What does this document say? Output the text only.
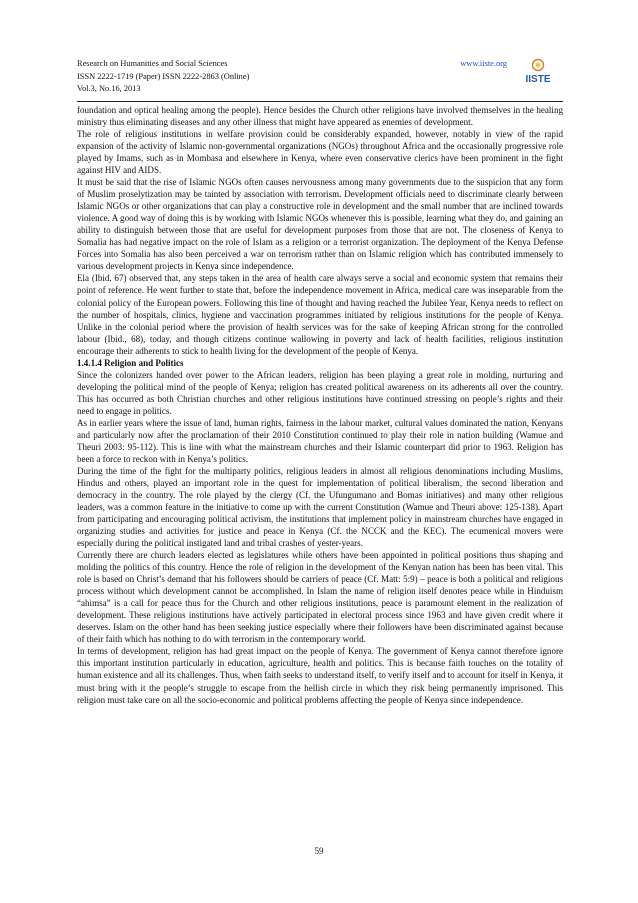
Research on Humanities and Social Sciences
ISSN 2222-1719 (Paper) ISSN 2222-2863 (Online)
Vol.3, No.16, 2013
www.iiste.org
IISTE

foundation and optical healing among the people). Hence besides the Church other religions have involved themselves in the healing ministry thus eliminating diseases and any other illness that might have appeared as enemies of development.

The role of religious institutions in welfare provision could be considerably expanded, however, notably in view of the rapid expansion of the activity of Islamic non-governmental organizations (NGOs) throughout Africa and the occasionally progressive role played by Imams, such as in Mombasa and elsewhere in Kenya, where even conservative clerics have been prominent in the fight against HIV and AIDS.

It must be said that the rise of Islamic NGOs often causes nervousness among many governments due to the suspicion that any form of Muslim proselytization may be tainted by association with terrorism. Development officials need to discriminate clearly between Islamic NGOs or other organizations that can play a constructive role in development and the small number that are inclined towards violence. A good way of doing this is by working with Islamic NGOs whenever this is possible, learning what they do, and gaining an ability to distinguish between those that are useful for development purposes from those that are not. The closeness of Kenya to Somalia has had negative impact on the role of Islam as a religion or a terrorist organization. The deployment of the Kenya Defense Forces into Somalia has also been perceived a war on terrorism rather than on Islamic religion which has contributed immensely to various development projects in Kenya since independence.

Ela (Ibid. 67) observed that, any steps taken in the area of health care always serve a social and economic system that remains their point of reference. He went further to state that, before the independence movement in Africa, medical care was inseparable from the colonial policy of the European powers. Following this line of thought and having reached the Jubilee Year, Kenya needs to reflect on the number of hospitals, clinics, hygiene and vaccination programmes initiated by religious institutions for the people of Kenya. Unlike in the colonial period where the provision of health services was for the sake of keeping African strong for the controlled labour (Ibid., 68), today, and though citizens continue wallowing in poverty and lack of health facilities, religious institution encourage their adherents to stick to health living for the development of the people of Kenya.

1.4.1.4 Religion and Politics

Since the colonizers handed over power to the African leaders, religion has been playing a great role in molding, nurturing and developing the political mind of the people of Kenya; religion has created political awareness on its adherents all over the country. This has occurred as both Christian churches and other religious institutions have continued stressing on people’s rights and their need to engage in politics.

As in earlier years where the issue of land, human rights, fairness in the labour market, cultural values dominated the nation, Kenyans and particularly now after the proclamation of their 2010 Constitution continued to play their role in nation building (Wamue and Theuri 2003: 95-112). This is line with what the mainstream churches and their Islamic counterpart did prior to 1963. Religion has been a force to reckon with in Kenya’s politics.

During the time of the fight for the multiparty politics, religious leaders in almost all religious denominations including Muslims, Hindus and others, played an important role in the quest for implementation of political liberalism, the second liberation and democracy in the country. The role played by the clergy (Cf. the Ufungumano and Bomas initiatives) and many other religious leaders, was a common feature in the initiative to come up with the current Constitution (Wamue and Theuri above: 125-138). Apart from participating and encouraging political activism, the institutions that implement policy in mainstream churches have engaged in organizing studies and activities for justice and peace in Kenya (Cf. the NCCK and the KEC). The ecumenical movers were especially during the political instigated land and tribal crashes of yester-years.

Currently there are church leaders elected as legislatures while others have been appointed in political positions thus shaping and molding the politics of this country. Hence the role of religion in the development of the Kenyan nation has been has been vital. This role is based on Christ’s demand that his followers should be carriers of peace (Cf. Matt: 5:9) – peace is both a political and religious process without which development cannot be accomplished. In Islam the name of religion itself denotes peace while in Hinduism “ahimsa” is a call for peace thus for the Church and other religious institutions, peace is paramount element in the realization of development. These religious institutions have actively participated in electoral process since 1963 and have given credit where it deserves. Islam on the other hand has been seeking justice especially where their followers have been discriminated against because of their faith which has nothing to do with terrorism in the contemporary world.

In terms of development, religion has had great impact on the people of Kenya. The government of Kenya cannot therefore ignore this important institution particularly in education, agriculture, health and politics. This is because faith touches on the totality of human existence and all its challenges. Thus, when faith seeks to understand itself, to verify itself and to account for itself in Kenya, it must bring with it the people’s struggle to escape from the hellish circle in which they risk being permanently imprisoned. This religion must take care on all the socio-economic and political problems affecting the people of Kenya since independence.

59
